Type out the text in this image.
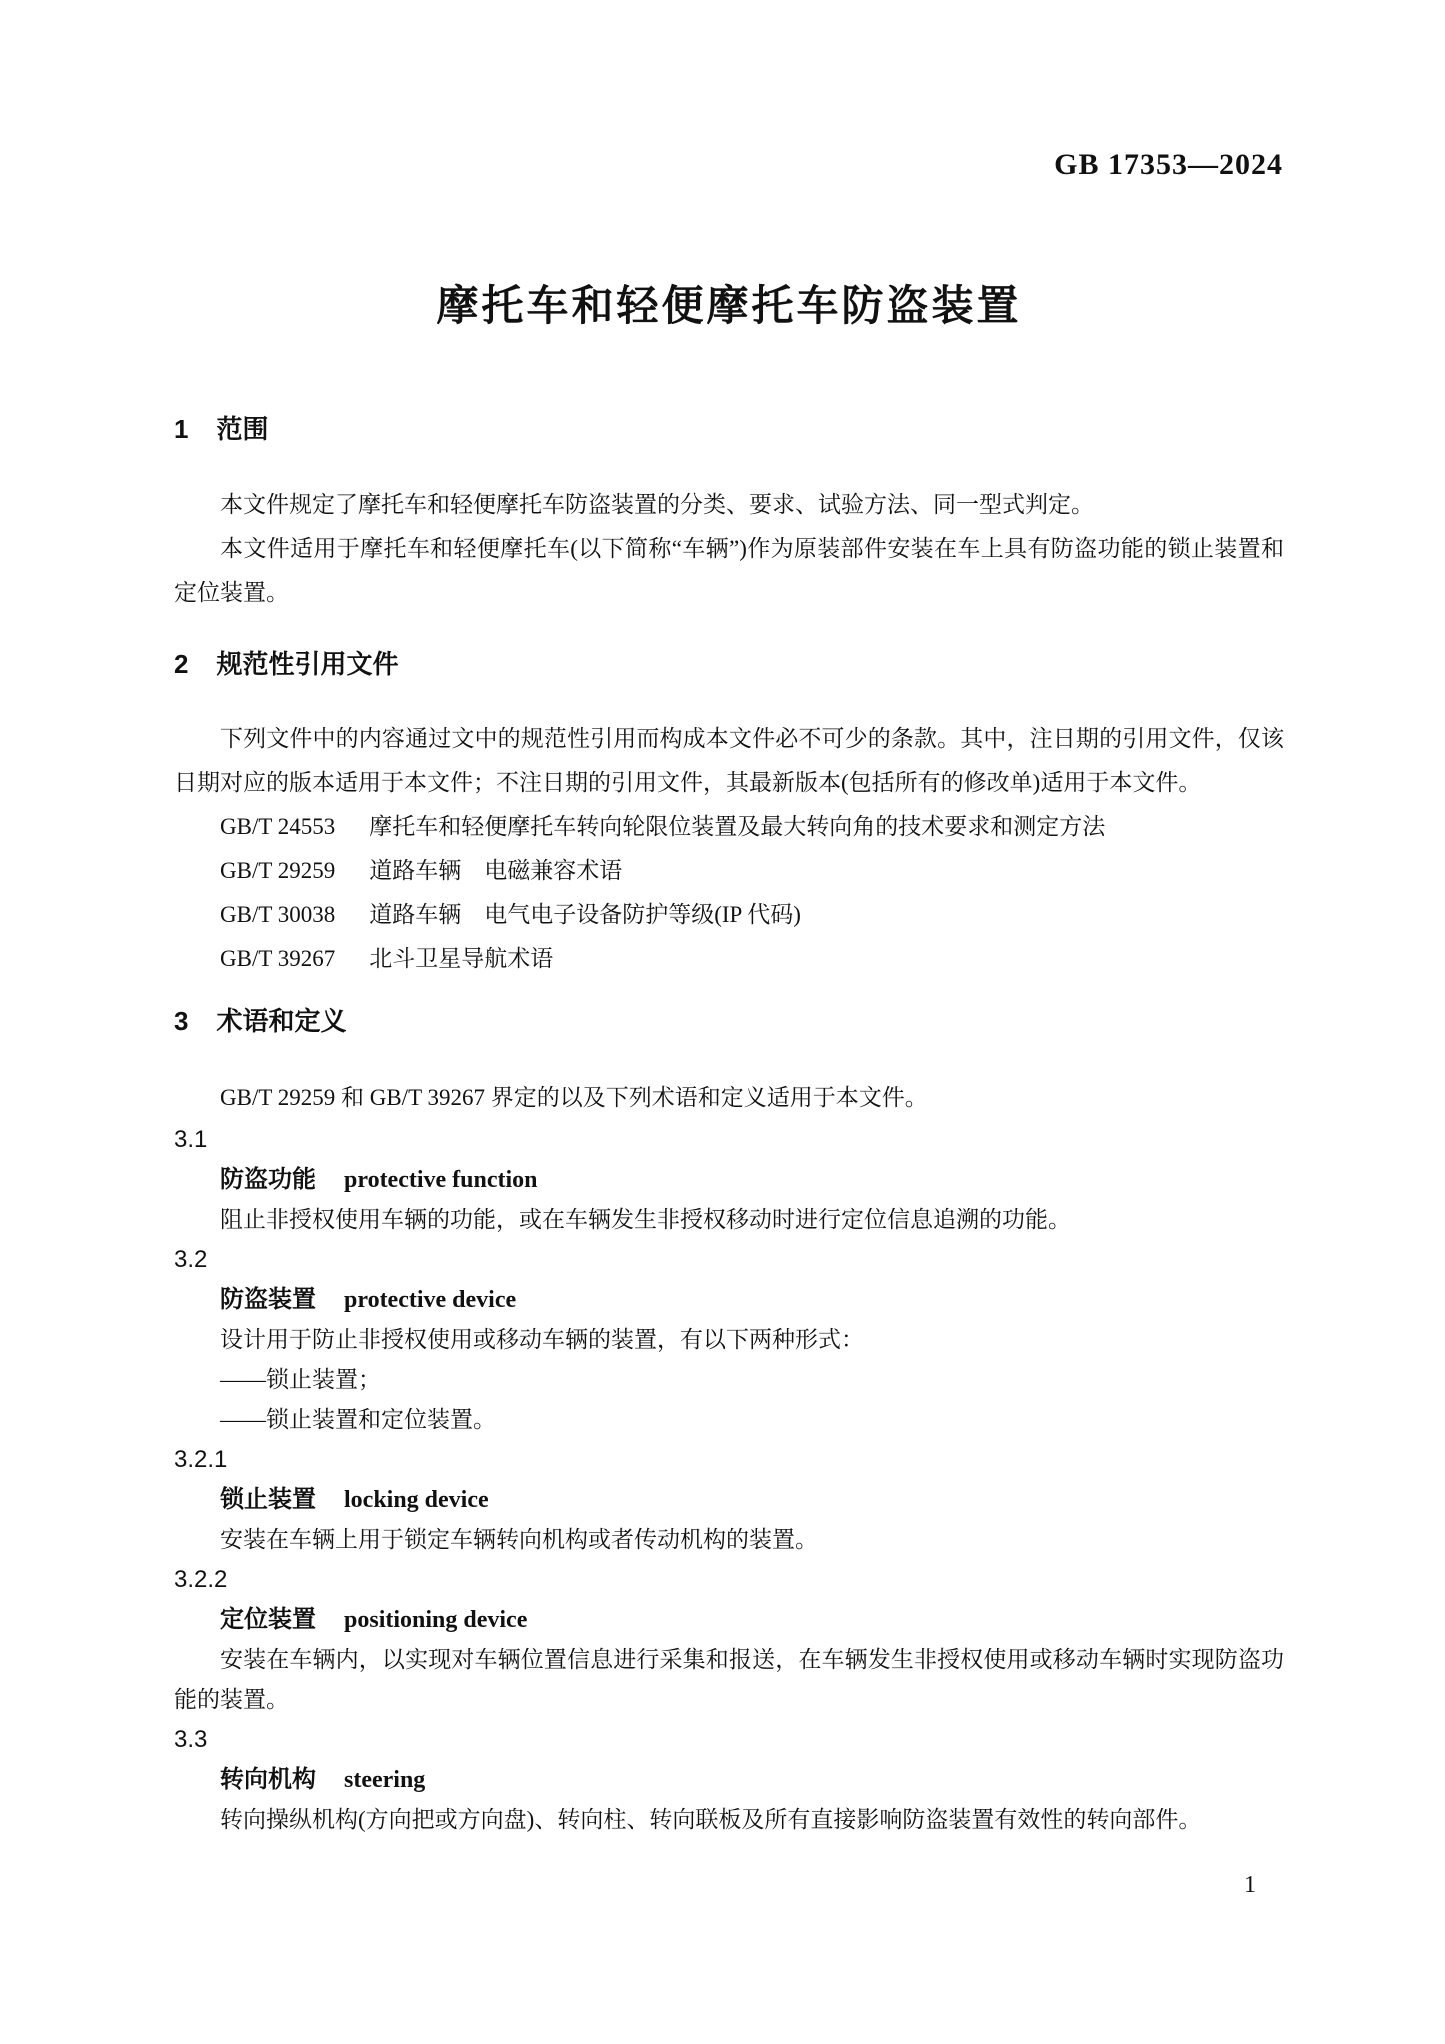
GB 17353—2024
摩托车和轻便摩托车防盗装置
1 范围

本文件规定了摩托车和轻便摩托车防盗装置的分类、要求、试验方法、同一型式判定。

本文件适用于摩托车和轻便摩托车(以下简称“车辆”)作为原装部件安装在车上具有防盗功能的锁止装置和定位装置。

2 规范性引用文件

下列文件中的内容通过文中的规范性引用而构成本文件必不可少的条款。其中，注日期的引用文件，仅该日期对应的版本适用于本文件；不注日期的引用文件，其最新版本(包括所有的修改单)适用于本文件。

GB/T 24553 摩托车和轻便摩托车转向轮限位装置及最大转向角的技术要求和测定方法

GB/T 29259 道路车辆　电磁兼容术语

GB/T 30038 道路车辆　电气电子设备防护等级(IP 代码)

GB/T 39267 北斗卫星导航术语

3 术语和定义

GB/T 29259 和 GB/T 39267 界定的以及下列术语和定义适用于本文件。

3.1
防盗功能 protective function

阻止非授权使用车辆的功能，或在车辆发生非授权移动时进行定位信息追溯的功能。

3.2
防盗装置 protective device

设计用于防止非授权使用或移动车辆的装置，有以下两种形式：

——锁止装置；

——锁止装置和定位装置。

3.2.1
锁止装置 locking device

安装在车辆上用于锁定车辆转向机构或者传动机构的装置。

3.2.2
定位装置 positioning device

安装在车辆内，以实现对车辆位置信息进行采集和报送，在车辆发生非授权使用或移动车辆时实现防盗功能的装置。

3.3
转向机构 steering

转向操纵机构(方向把或方向盘)、转向柱、转向联板及所有直接影响防盗装置有效性的转向部件。

1
